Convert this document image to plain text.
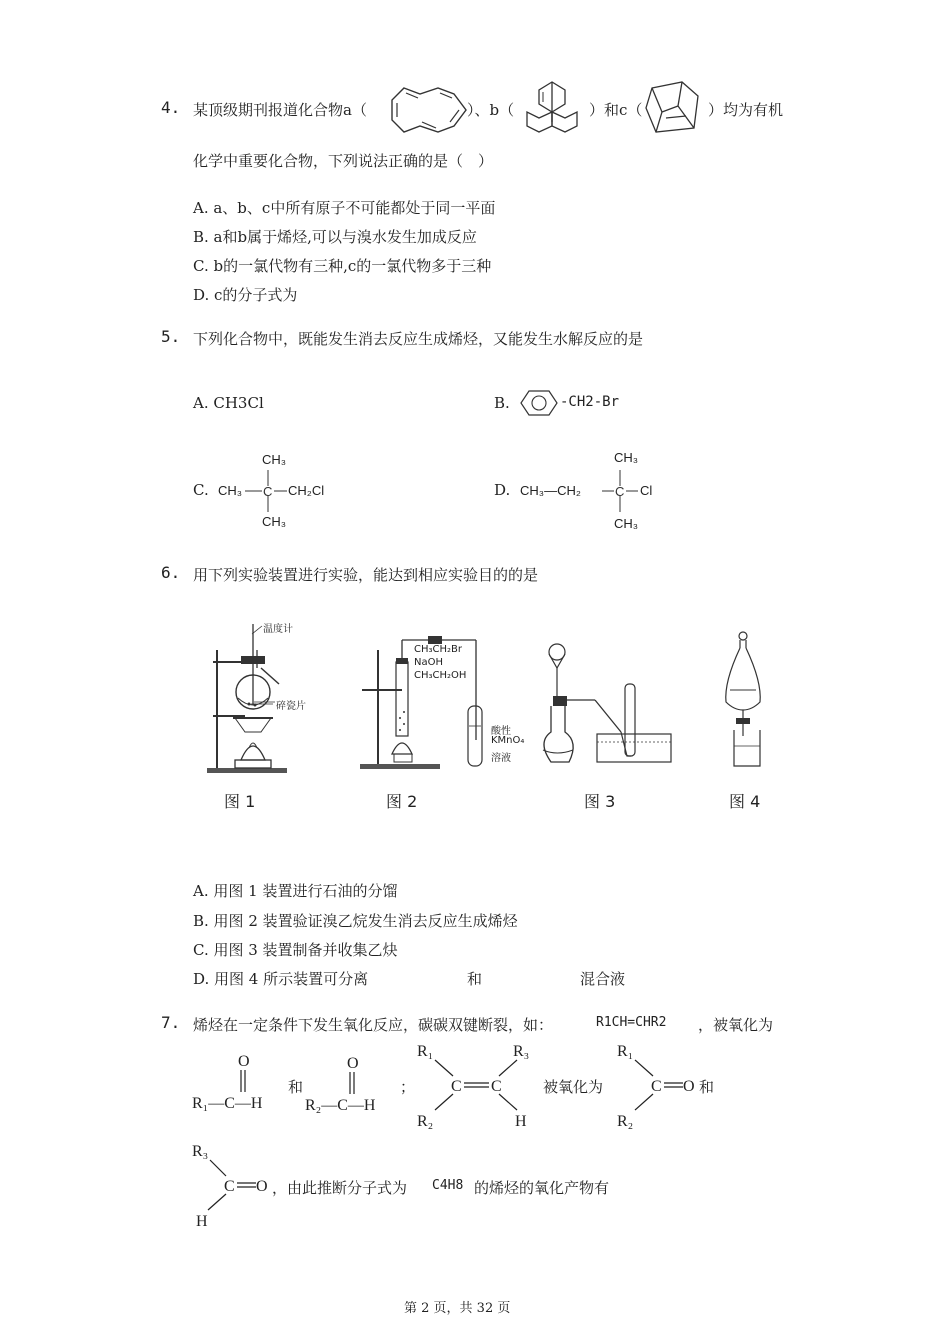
4. 某顶级期刊报道化合物a（	）、b（	）和c（	）均为有机
化学中重要化合物，下列说法正确的是（　）
A. a、b、c中所有原子不可能都处于同一平面
B. a和b属于烯烃,可以与溴水发生加成反应
C. b的一氯代物有三种,c的一氯代物多于三种
D. c的分子式为
5. 下列化合物中，既能发生消去反应生成烯烃，又能发生水解反应的是
A. CH3Cl	B.	-CH2-Br
C.
CH₃
C
CH₃	CH₂Cl
CH₃
D.
CH₃
C
CH₃—CH₂	Cl
CH₃
6. 用下列实验装置进行实验，能达到相应实验目的的是
温度计
碎瓷片
CH₃CH₂Br
NaOH
CH₃CH₂OH
酸性
KMnO₄
溶液
图 1	图 2	图 3	图 4
A. 用图 1 装置进行石油的分馏
B. 用图 2 装置验证溴乙烷发生消去反应生成烯烃
C. 用图 3 装置制备并收集乙炔
D. 用图 4 所示装置可分离	和	混合液
7. 烯烃在一定条件下发生氧化反应，碳碳双键断裂，如：	R1CH=CHR2 ，被氧化为
O
R₁—C—H
和
O
R₂—C—H
；
R₁	R₃
R₂	H
C C	被氧化为
R₁
R₂
C O 和
R₃
H
C O ，由此推断分子式为 C4H8 的烯烃的氧化产物有
第 2 页，共 32 页
